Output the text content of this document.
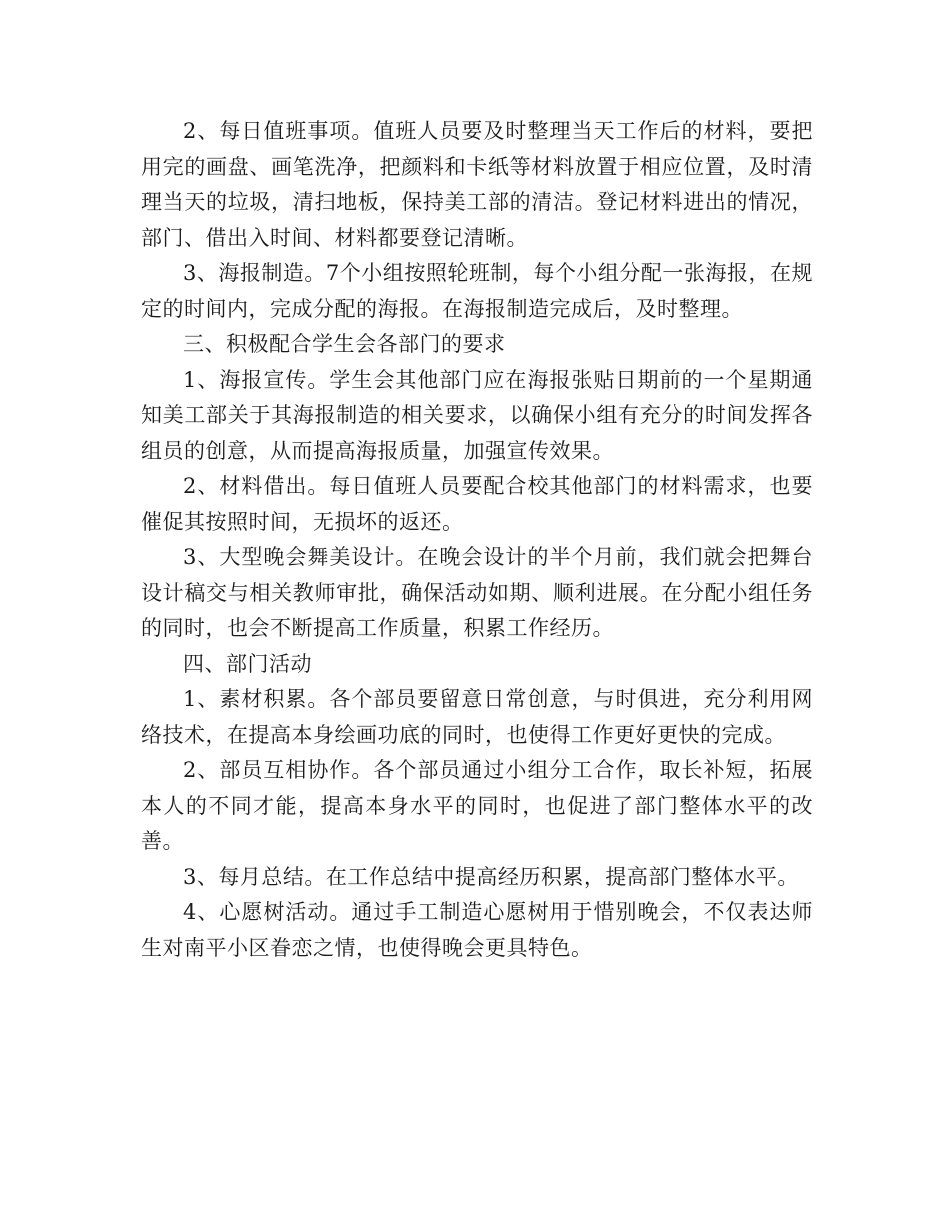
2、每日值班事项。值班人员要及时整理当天工作后的材料，要把用完的画盘、画笔洗净，把颜料和卡纸等材料放置于相应位置，及时清理当天的垃圾，清扫地板，保持美工部的清洁。登记材料进出的情况，部门、借出入时间、材料都要登记清晰。

3、海报制造。7个小组按照轮班制，每个小组分配一张海报，在规定的时间内，完成分配的海报。在海报制造完成后，及时整理。

三、积极配合学生会各部门的要求

1、海报宣传。学生会其他部门应在海报张贴日期前的一个星期通知美工部关于其海报制造的相关要求，以确保小组有充分的时间发挥各组员的创意，从而提高海报质量，加强宣传效果。

2、材料借出。每日值班人员要配合校其他部门的材料需求，也要催促其按照时间，无损坏的返还。

3、大型晚会舞美设计。在晚会设计的半个月前，我们就会把舞台设计稿交与相关教师审批，确保活动如期、顺利进展。在分配小组任务的同时，也会不断提高工作质量，积累工作经历。

四、部门活动

1、素材积累。各个部员要留意日常创意，与时俱进，充分利用网络技术，在提高本身绘画功底的同时，也使得工作更好更快的完成。

2、部员互相协作。各个部员通过小组分工合作，取长补短，拓展本人的不同才能，提高本身水平的同时，也促进了部门整体水平的改善。

3、每月总结。在工作总结中提高经历积累，提高部门整体水平。

4、心愿树活动。通过手工制造心愿树用于惜别晚会，不仅表达师生对南平小区眷恋之情，也使得晚会更具特色。
